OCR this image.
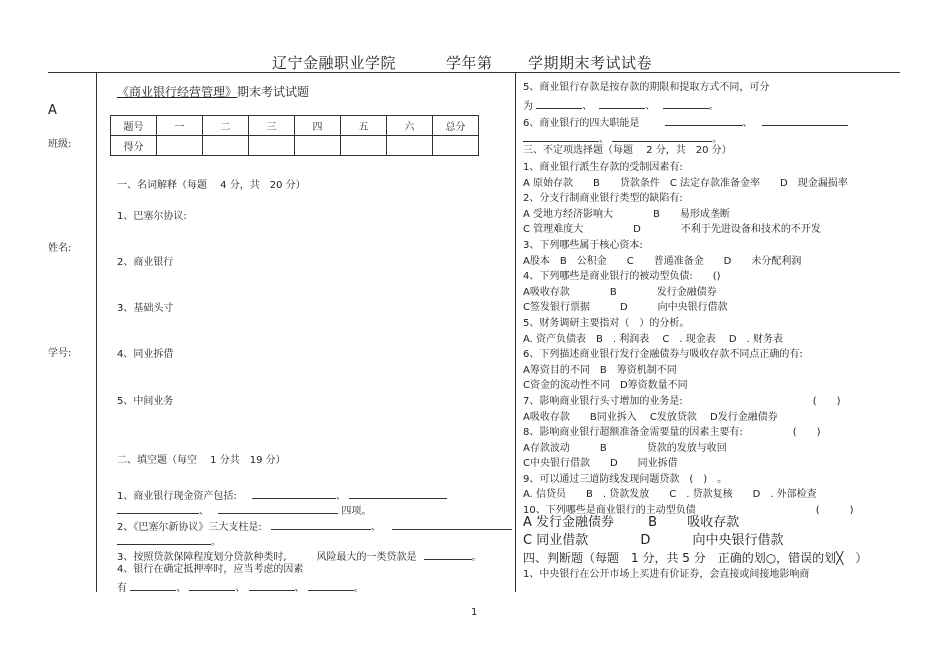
辽宁金融职业学院	学年第 学期期末考试试卷
A
班级:
姓名:
学号:
《商业银行经营管理》期末考试试题
题号	一	二	三	四	五	六	总分
得分							
一、名词解释（每题　 4 分，共　20 分）
1、巴塞尔协议:
2、商业银行
3、基础头寸
4、同业拆借
5、中间业务
二、填空题（每空　 1 分共　19 分）
1、商业银行现金资产包括:	、
、	四项。
2、《巴塞尔新协议》三大支柱是:	、
。
3、按照贷款保障程度划分贷款种类时,　　　风险最大的一类贷款是	。
4、银行在确定抵押率时，应当考虑的因素
有	、	、	、	。
5、商业银行存款是按存款的期限和提取方式不同，可分
为	、	、	。
6、商业银行的四大职能是	、
、	。
三、不定项选择题（每题　 2 分，共　20 分）
1、商业银行派生存款的受制因素有:
A 原始存款　　B　　贷款条件　C 法定存款准备金率　　D　现金漏损率
2、分支行制商业银行类型的缺陷有:
A 受地方经济影响大　　　　B　　易形成垄断
C 管理难度大　　　　　D　　　　不利于先进设备和技术的不开发
3、下列哪些属于核心资本:
A股本　B　公积金　　C　　普通准备金　　D　　未分配利润
4、下列哪些是商业银行的被动型负债:　　()
A吸收存款　　　　B　　　　发行金融债券
C签发银行票据　　　D　　　向中央银行借款
5、财务调研主要指对（　）的分析。
A. 资产负债表　B　. 利润表　 C　. 现金表　 D　. 财务表
6、下列描述商业银行发行金融债券与吸收存款不同点正确的有:
A筹资目的不同　B　筹资机制不同
C资金的流动性不同　D筹资数量不同
7、影响商业银行头寸增加的业务是:　　　　　　　　　　　　　(　　)
A吸收存款　　B同业拆入　 C发放贷款　 D发行金融债券
8、影响商业银行超额准备金需要量的因素主要有:　　　　　(　　)
A存款波动　　　B　　　　贷款的发放与收回
C中央银行借款　　D　　同业拆借
9、可以通过三道防线发现问题贷款　(　)　。
A. 信贷员　　B　. 贷款发放　　C　. 贷款复核　　D　. 外部检查
10、下列哪些是商业银行的主动型负债　　　　　　　　　　　　(　　　)
A 发行金融债券	B 吸收存款
C 同业借款	D	向中央银行借款
四、判断题（每题　1 分，共 5 分　正确的划○，错误的划╳　）
1、中央银行在公开市场上买进有价证券，会直接或间接地影响商
1
